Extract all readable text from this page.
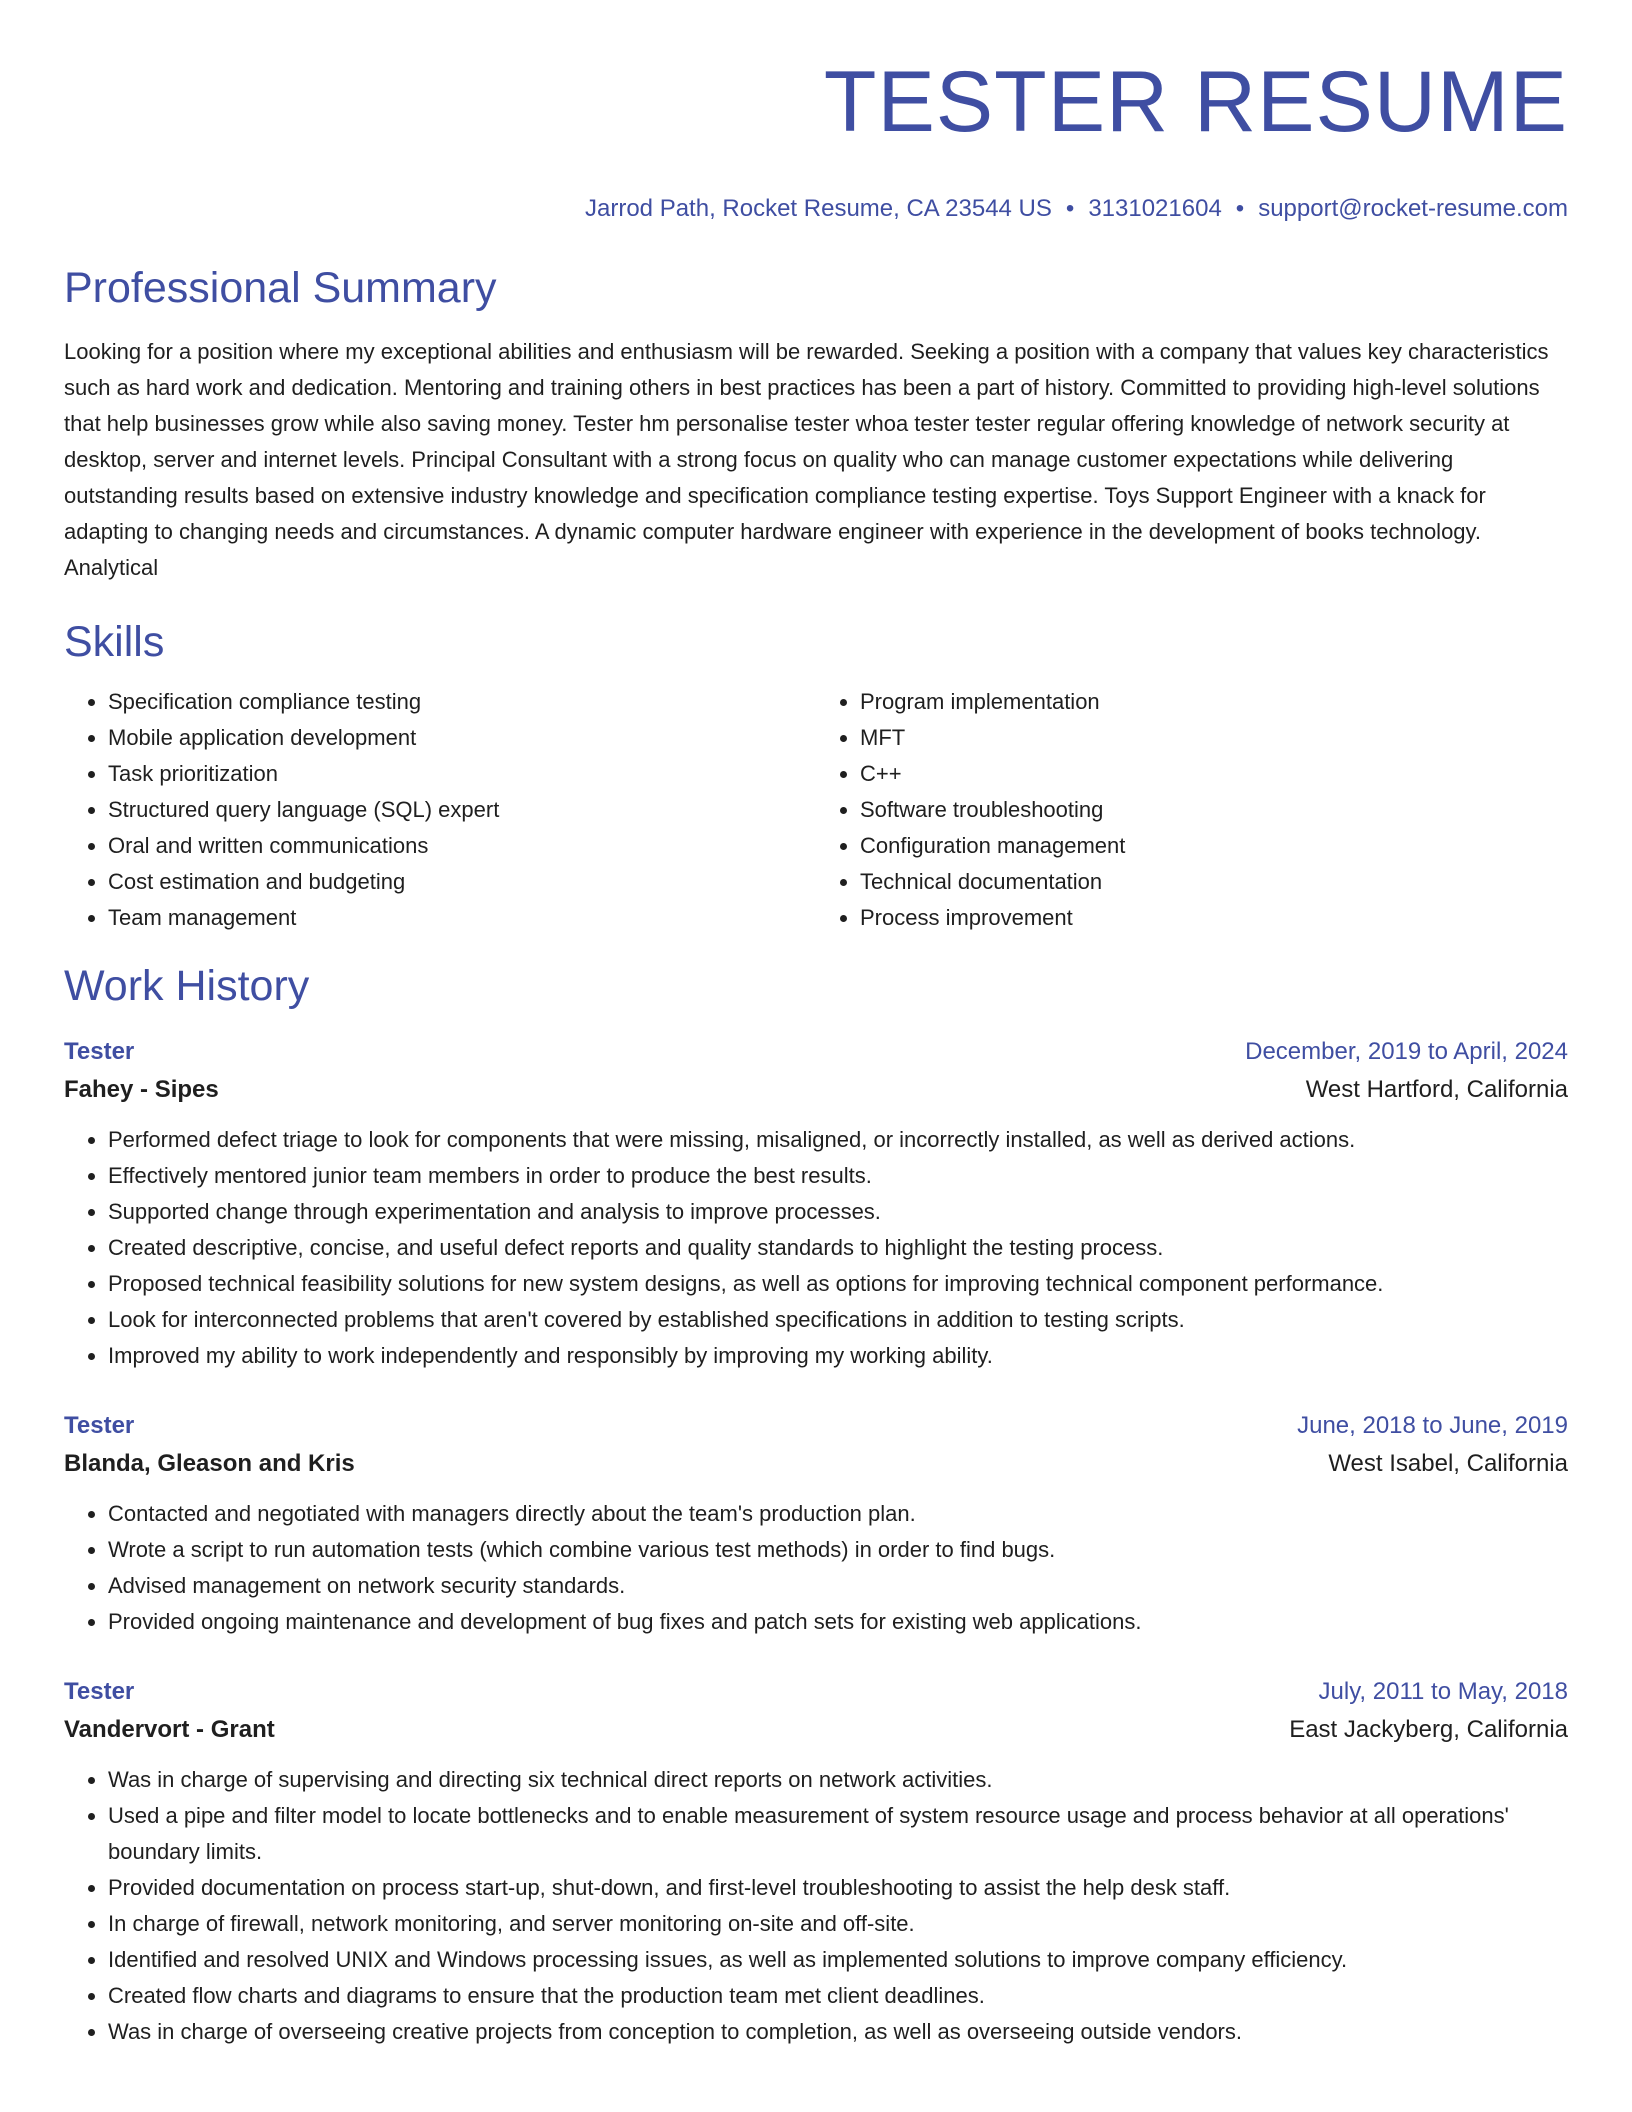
TESTER RESUME
Jarrod Path, Rocket Resume, CA 23544 US • 3131021604 • support@rocket-resume.com
Professional Summary
Looking for a position where my exceptional abilities and enthusiasm will be rewarded. Seeking a position with a company that values key characteristics such as hard work and dedication. Mentoring and training others in best practices has been a part of history. Committed to providing high-level solutions that help businesses grow while also saving money. Tester hm personalise tester whoa tester tester regular offering knowledge of network security at desktop, server and internet levels. Principal Consultant with a strong focus on quality who can manage customer expectations while delivering outstanding results based on extensive industry knowledge and specification compliance testing expertise. Toys Support Engineer with a knack for adapting to changing needs and circumstances. A dynamic computer hardware engineer with experience in the development of books technology. Analytical
Skills
• Specification compliance testing
• Mobile application development
• Task prioritization
• Structured query language (SQL) expert
• Oral and written communications
• Cost estimation and budgeting
• Team management
• Program implementation
• MFT
• C++
• Software troubleshooting
• Configuration management
• Technical documentation
• Process improvement
Work History
Tester	December, 2019 to April, 2024
Fahey - Sipes	West Hartford, California
• Performed defect triage to look for components that were missing, misaligned, or incorrectly installed, as well as derived actions.
• Effectively mentored junior team members in order to produce the best results.
• Supported change through experimentation and analysis to improve processes.
• Created descriptive, concise, and useful defect reports and quality standards to highlight the testing process.
• Proposed technical feasibility solutions for new system designs, as well as options for improving technical component performance.
• Look for interconnected problems that aren't covered by established specifications in addition to testing scripts.
• Improved my ability to work independently and responsibly by improving my working ability.
Tester	June, 2018 to June, 2019
Blanda, Gleason and Kris	West Isabel, California
• Contacted and negotiated with managers directly about the team's production plan.
• Wrote a script to run automation tests (which combine various test methods) in order to find bugs.
• Advised management on network security standards.
• Provided ongoing maintenance and development of bug fixes and patch sets for existing web applications.
Tester	July, 2011 to May, 2018
Vandervort - Grant	East Jackyberg, California
• Was in charge of supervising and directing six technical direct reports on network activities.
• Used a pipe and filter model to locate bottlenecks and to enable measurement of system resource usage and process behavior at all operations' boundary limits.
• Provided documentation on process start-up, shut-down, and first-level troubleshooting to assist the help desk staff.
• In charge of firewall, network monitoring, and server monitoring on-site and off-site.
• Identified and resolved UNIX and Windows processing issues, as well as implemented solutions to improve company efficiency.
• Created flow charts and diagrams to ensure that the production team met client deadlines.
• Was in charge of overseeing creative projects from conception to completion, as well as overseeing outside vendors.
